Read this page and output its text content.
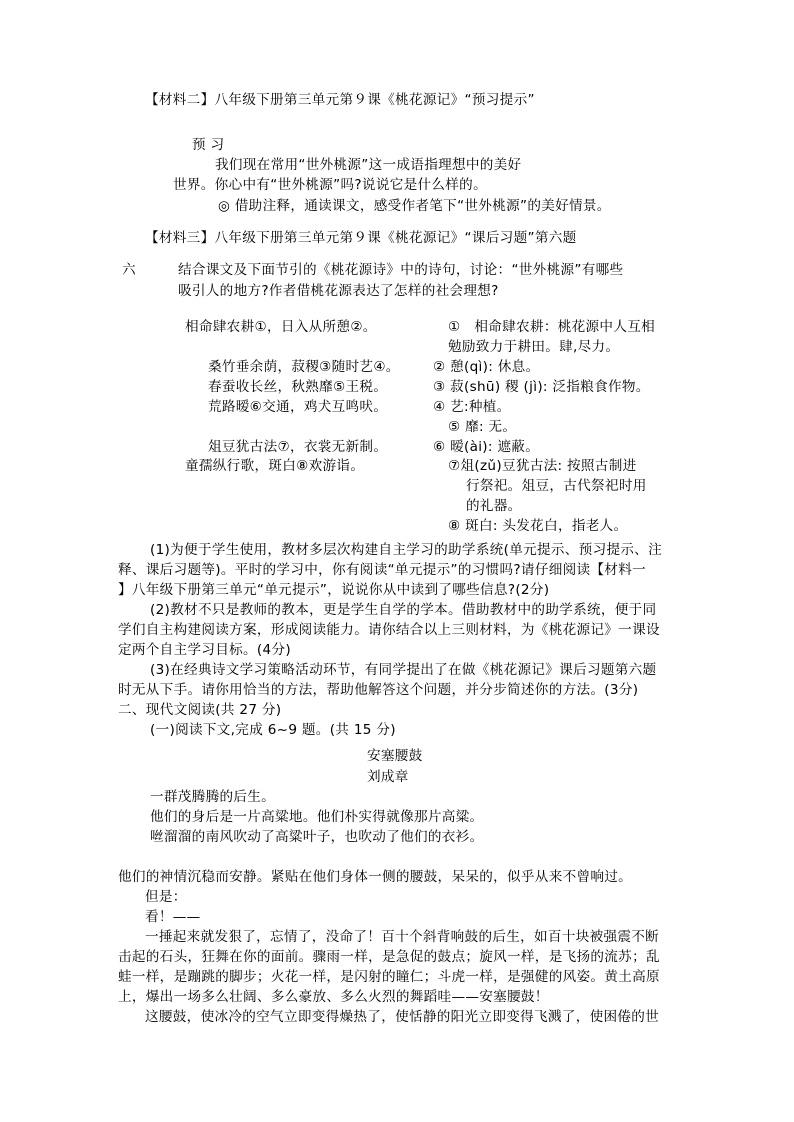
【材料二】八年级下册第三单元第９课《桃花源记》“预习提示”
预 习
我们现在常用“世外桃源”这一成语指理想中的美好
世界。你心中有“世外桃源”吗?说说它是什么样的。
◎ 借助注释，通读课文，感受作者笔下“世外桃源”的美好情景。
【材料三】八年级下册第三单元第９课《桃花源记》“课后习题”第六题
六	结合课文及下面节引的《桃花源诗》中的诗句，讨论：“世外桃源”有哪些
吸引人的地方?作者借桃花源表达了怎样的社会理想?
相命肆农耕①，日入从所憩②。
桑竹垂余荫，菽稷③随时艺④。
春蚕收长丝，秋熟靡⑤王税。
荒路暧⑥交通，鸡犬互鸣吠。
俎豆犹古法⑦，衣裳无新制。
童孺纵行歌，斑白⑧欢游诣。
①　相命肆农耕：桃花源中人互相
勉励致力于耕田。肆,尽力。
② 憩(qì): 休息。
③ 菽(shū) 稷 (jì): 泛指粮食作物。
④ 艺:种植。
⑤ 靡: 无。
⑥ 暧(ài): 遮蔽。
⑦俎(zǔ)豆犹古法: 按照古制进
行祭祀。俎豆，古代祭祀时用
的礼器。
⑧ 斑白: 头发花白，指老人。
(1)为便于学生使用，教材多层次构建自主学习的助学系统(单元提示、预习提示、注
释、课后习题等)。平时的学习中，你有阅读“单元提示”的习惯吗?请仔细阅读【材料一
】八年级下册第三单元“单元提示”，说说你从中读到了哪些信息?(2分)
(2)教材不只是教师的教本，更是学生自学的学本。借助教材中的助学系统，便于同
学们自主构建阅读方案，形成阅读能力。请你结合以上三则材料，为《桃花源记》一课设
定两个自主学习目标。(4分)
(3)在经典诗文学习策略活动环节，有同学提出了在做《桃花源记》课后习题第六题
时无从下手。请你用恰当的方法，帮助他解答这个问题，并分步简述你的方法。(3分)
二、现代文阅读(共 27 分)
(一)阅读下文,完成 6~9 题。(共 15 分)
安塞腰鼓
刘成章
一群茂腾腾的后生。
他们的身后是一片高粱地。他们朴实得就像那片高粱。
咝溜溜的南风吹动了高粱叶子，也吹动了他们的衣衫。
他们的神情沉稳而安静。紧贴在他们身体一侧的腰鼓，呆呆的，似乎从来不曾响过。
但是：
看！——
一捶起来就发狠了，忘情了，没命了！百十个斜背响鼓的后生，如百十块被强震不断
击起的石头，狂舞在你的面前。骤雨一样，是急促的鼓点；旋风一样，是飞扬的流苏；乱
蛙一样，是蹦跳的脚步；火花一样，是闪射的瞳仁；斗虎一样，是强健的风姿。黄土高原
上，爆出一场多么壮阔、多么豪放、多么火烈的舞蹈哇——安塞腰鼓！
这腰鼓，使冰冷的空气立即变得燥热了，使恬静的阳光立即变得飞溅了，使困倦的世
